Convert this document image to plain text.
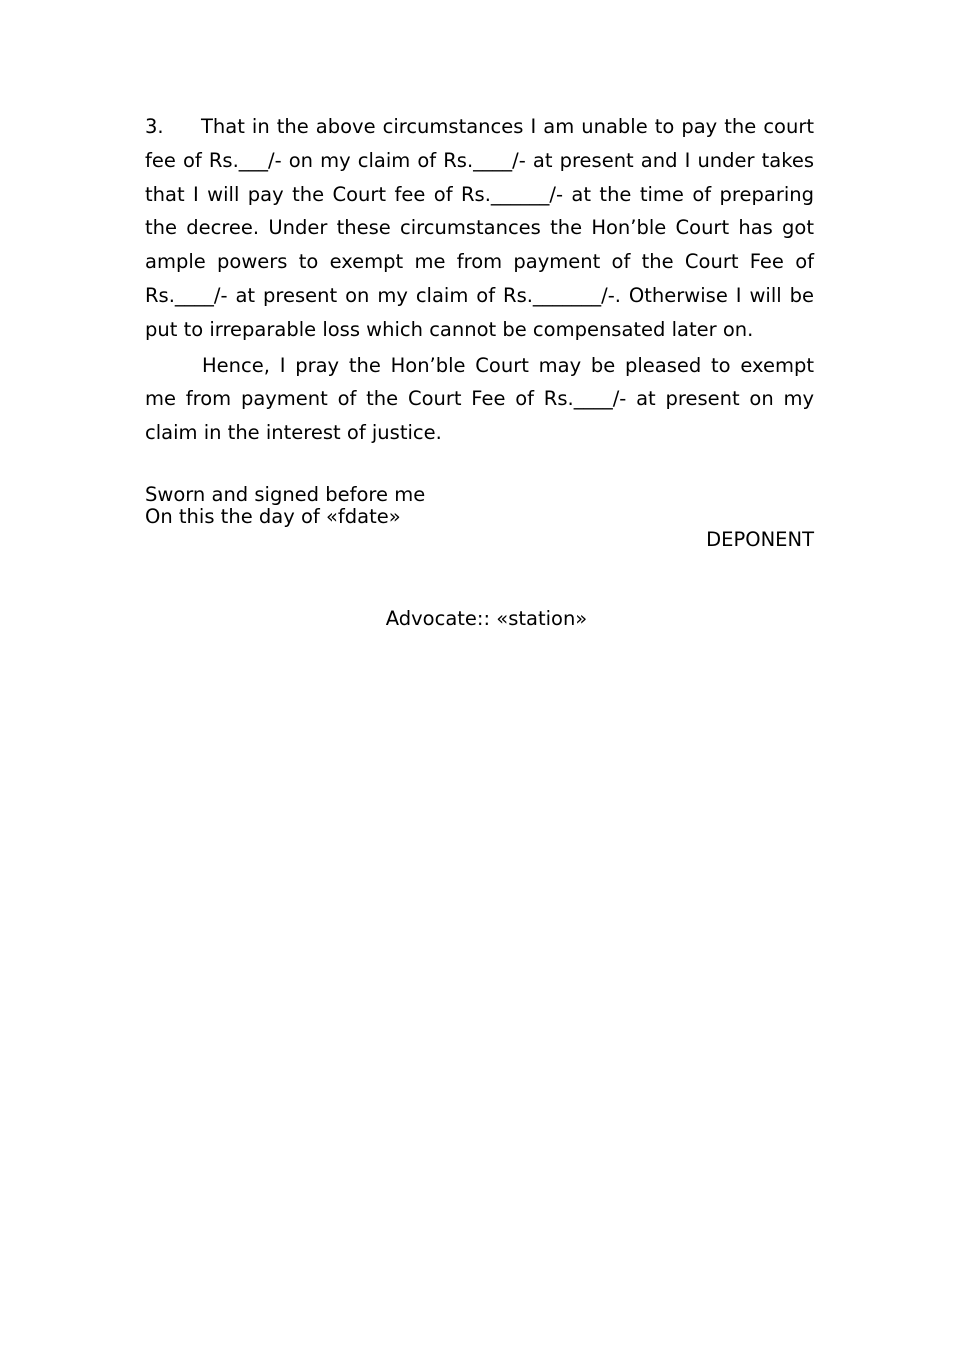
3. That in the above circumstances I am unable to pay the court fee of Rs.___/- on my claim of Rs.____/- at present and I under takes that I will pay the Court fee of Rs.______/- at the time of preparing the decree. Under these circumstances the Hon’ble Court has got ample powers to exempt me from payment of the Court Fee of Rs.____/- at present on my claim of Rs._______/-. Otherwise I will be put to irreparable loss which cannot be compensated later on.

Hence, I pray the Hon’ble Court may be pleased to exempt me from payment of the Court Fee of Rs.____/- at present on my claim in the interest of justice.

Sworn and signed before me
On this the day of «fdate»
DEPONENT
Advocate:: «station»
